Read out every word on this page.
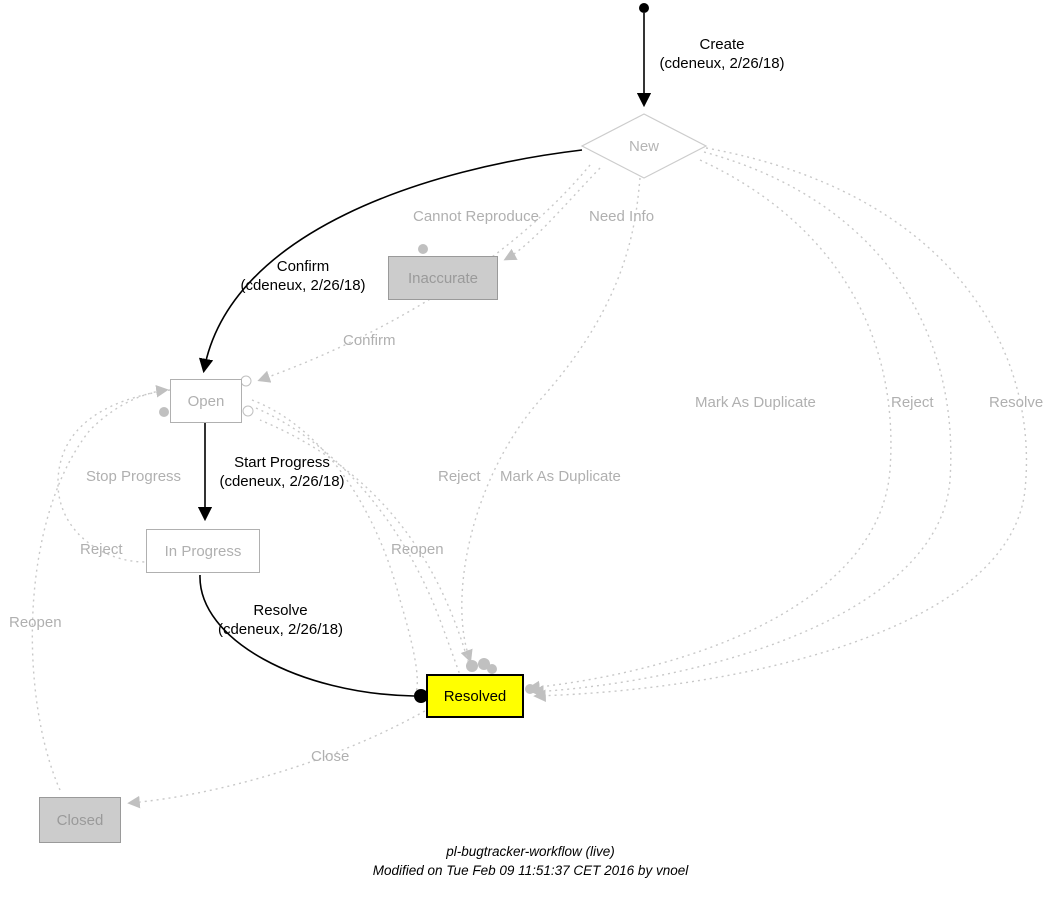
New
Inaccurate
Open
In Progress
Resolved
Closed
Create
(cdeneux, 2/26/18)
Confirm
(cdeneux, 2/26/18)
Start Progress
(cdeneux, 2/26/18)
Resolve
(cdeneux, 2/26/18)
Cannot Reproduce	Need Info
Confirm
Mark As Duplicate	Reject	Resolve
Stop Progress	Reject Mark As Duplicate
Reject	Reopen
Reopen
Close
pl-bugtracker-workflow (live)
Modified on Tue Feb 09 11:51:37 CET 2016 by vnoel
